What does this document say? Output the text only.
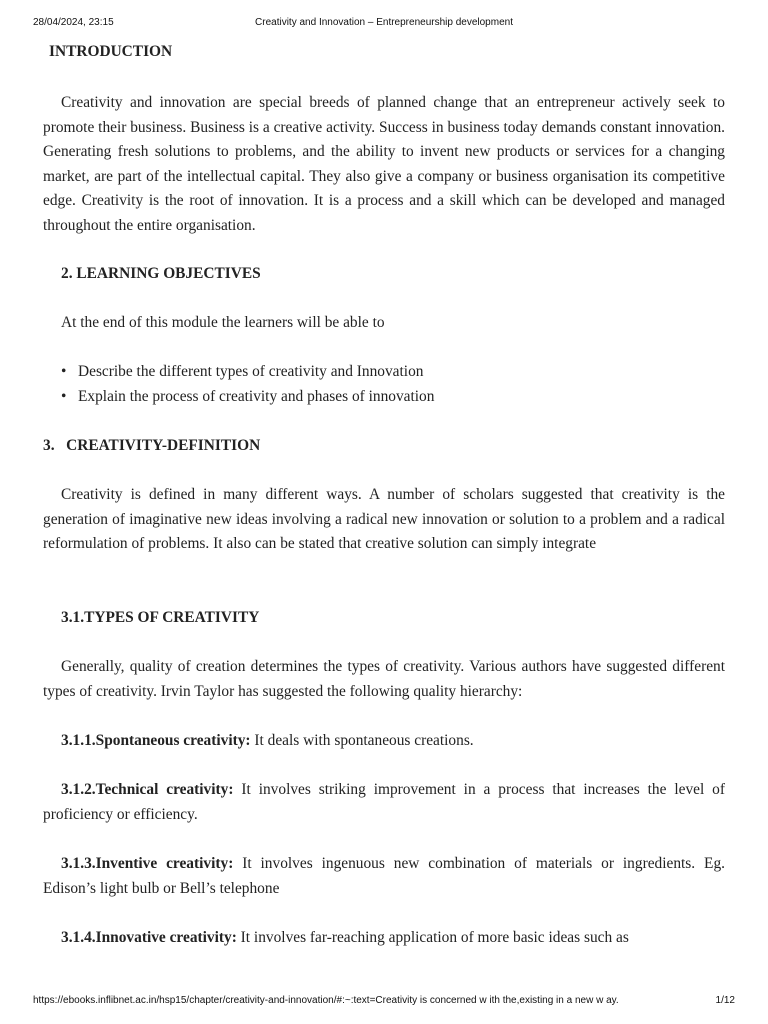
28/04/2024, 23:15	Creativity and Innovation – Entrepreneurship development
INTRODUCTION

Creativity and innovation are special breeds of planned change that an entrepreneur actively seek to promote their business. Business is a creative activity. Success in business today demands constant innovation. Generating fresh solutions to problems, and the ability to invent new products or services for a changing market, are part of the intellectual capital. They also give a company or business organisation its competitive edge. Creativity is the root of innovation. It is a process and a skill which can be developed and managed throughout the entire organisation.

2. LEARNING OBJECTIVES

At the end of this module the learners will be able to

• Describe the different types of creativity and Innovation
• Explain the process of creativity and phases of innovation
3.   CREATIVITY-DEFINITION

Creativity is defined in many different ways. A number of scholars suggested that creativity is the generation of imaginative new ideas involving a radical new innovation or solution to a problem and a radical reformulation of problems. It also can be stated that creative solution can simply integrate

3.1.TYPES OF CREATIVITY

Generally, quality of creation determines the types of creativity. Various authors have suggested different types of creativity. Irvin Taylor has suggested the following quality hierarchy:

3.1.1.Spontaneous creativity: It deals with spontaneous creations.

3.1.2.Technical creativity: It involves striking improvement in a process that increases the level of proficiency or efficiency.

3.1.3.Inventive creativity: It involves ingenuous new combination of materials or ingredients. Eg. Edison’s light bulb or Bell’s telephone

3.1.4.Innovative creativity: It involves far-reaching application of more basic ideas such as

https://ebooks.inflibnet.ac.in/hsp15/chapter/creativity-and-innovation/#:~:text=Creativity is concerned w ith the,existing in a new w ay.	1/12
